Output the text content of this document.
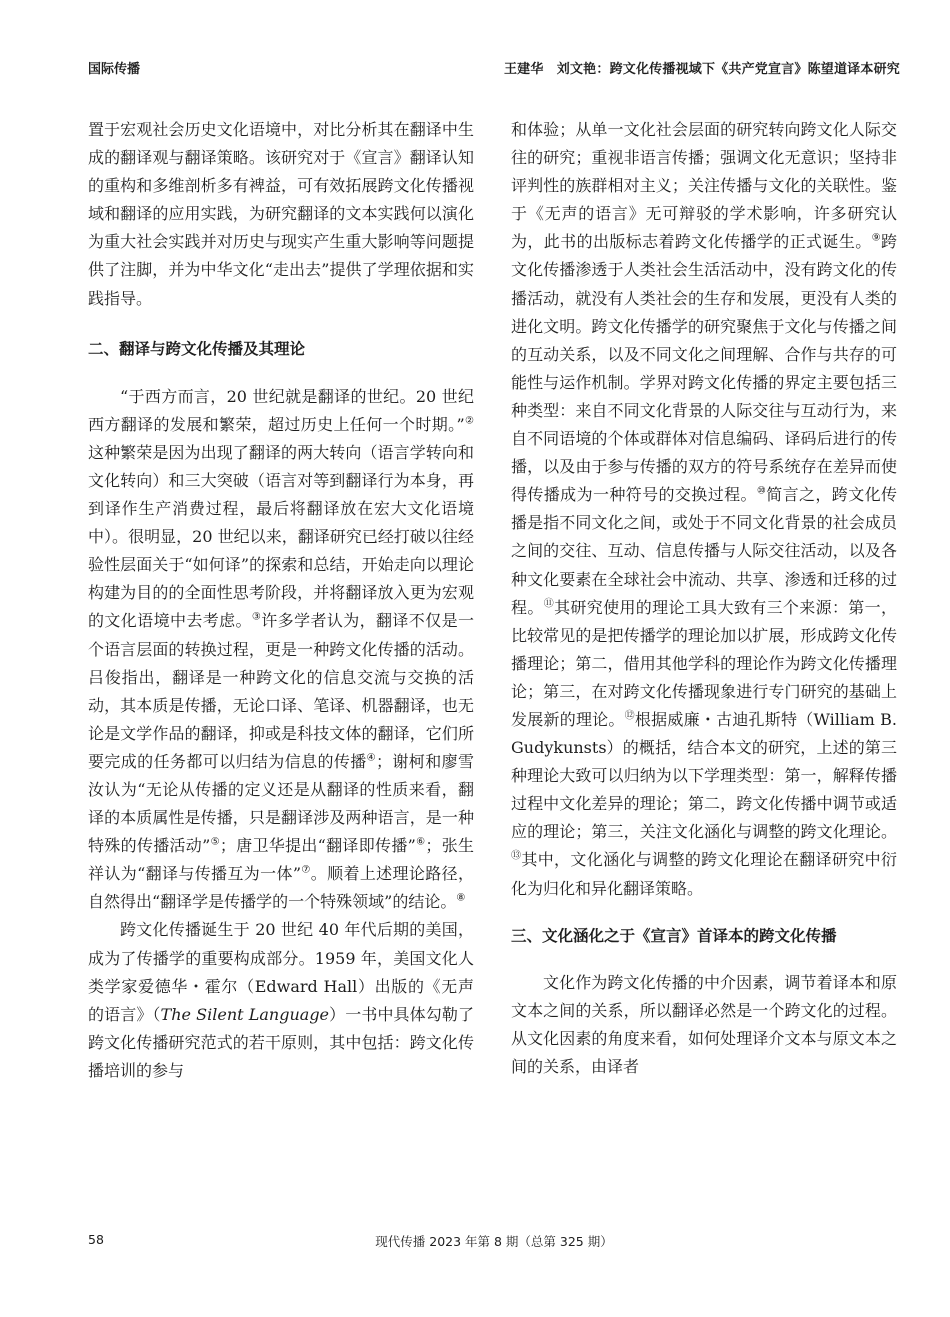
国际传播	王建华　刘文艳：跨文化传播视域下《共产党宣言》陈望道译本研究

置于宏观社会历史文化语境中，对比分析其在翻译中生成的翻译观与翻译策略。该研究对于《宣言》翻译认知的重构和多维剖析多有裨益，可有效拓展跨文化传播视域和翻译的应用实践，为研究翻译的文本实践何以演化为重大社会实践并对历史与现实产生重大影响等问题提供了注脚，并为中华文化“走出去”提供了学理依据和实践指导。

二、翻译与跨文化传播及其理论

“于西方而言，20 世纪就是翻译的世纪。20 世纪西方翻译的发展和繁荣，超过历史上任何一个时期。”②这种繁荣是因为出现了翻译的两大转向（语言学转向和文化转向）和三大突破（语言对等到翻译行为本身，再到译作生产消费过程，最后将翻译放在宏大文化语境中）。很明显，20 世纪以来，翻译研究已经打破以往经验性层面关于“如何译”的探索和总结，开始走向以理论构建为目的的全面性思考阶段，并将翻译放入更为宏观的文化语境中去考虑。③许多学者认为，翻译不仅是一个语言层面的转换过程，更是一种跨文化传播的活动。吕俊指出，翻译是一种跨文化的信息交流与交换的活动，其本质是传播，无论口译、笔译、机器翻译，也无论是文学作品的翻译，抑或是科技文体的翻译，它们所要完成的任务都可以归结为信息的传播④；谢柯和廖雪汝认为“无论从传播的定义还是从翻译的性质来看，翻译的本质属性是传播，只是翻译涉及两种语言，是一种特殊的传播活动”⑤；唐卫华提出“翻译即传播”⑥；张生祥认为“翻译与传播互为一体”⑦。顺着上述理论路径，自然得出“翻译学是传播学的一个特殊领域”的结论。⑧

跨文化传播诞生于 20 世纪 40 年代后期的美国，成为了传播学的重要构成部分。1959 年，美国文化人类学家爱德华・霍尔（Edward Hall）出版的《无声的语言》（The Silent Language）一书中具体勾勒了跨文化传播研究范式的若干原则，其中包括：跨文化传播培训的参与

和体验；从单一文化社会层面的研究转向跨文化人际交往的研究；重视非语言传播；强调文化无意识；坚持非评判性的族群相对主义；关注传播与文化的关联性。鉴于《无声的语言》无可辩驳的学术影响，许多研究认为，此书的出版标志着跨文化传播学的正式诞生。⑨跨文化传播渗透于人类社会生活活动中，没有跨文化的传播活动，就没有人类社会的生存和发展，更没有人类的进化文明。跨文化传播学的研究聚焦于文化与传播之间的互动关系，以及不同文化之间理解、合作与共存的可能性与运作机制。学界对跨文化传播的界定主要包括三种类型：来自不同文化背景的人际交往与互动行为，来自不同语境的个体或群体对信息编码、译码后进行的传播，以及由于参与传播的双方的符号系统存在差异而使得传播成为一种符号的交换过程。⑩简言之，跨文化传播是指不同文化之间，或处于不同文化背景的社会成员之间的交往、互动、信息传播与人际交往活动，以及各种文化要素在全球社会中流动、共享、渗透和迁移的过程。⑪其研究使用的理论工具大致有三个来源：第一，比较常见的是把传播学的理论加以扩展，形成跨文化传播理论；第二，借用其他学科的理论作为跨文化传播理论；第三，在对跨文化传播现象进行专门研究的基础上发展新的理论。⑫根据威廉・古迪孔斯特（William B. Gudykunsts）的概括，结合本文的研究，上述的第三种理论大致可以归纳为以下学理类型：第一，解释传播过程中文化差异的理论；第二，跨文化传播中调节或适应的理论；第三，关注文化涵化与调整的跨文化理论。⑬其中，文化涵化与调整的跨文化理论在翻译研究中衍化为归化和异化翻译策略。

三、文化涵化之于《宣言》首译本的跨文化传播

文化作为跨文化传播的中介因素，调节着译本和原文本之间的关系，所以翻译必然是一个跨文化的过程。从文化因素的角度来看，如何处理译介文本与原文本之间的关系，由译者

58	现代传播 2023 年第 8 期（总第 325 期）
